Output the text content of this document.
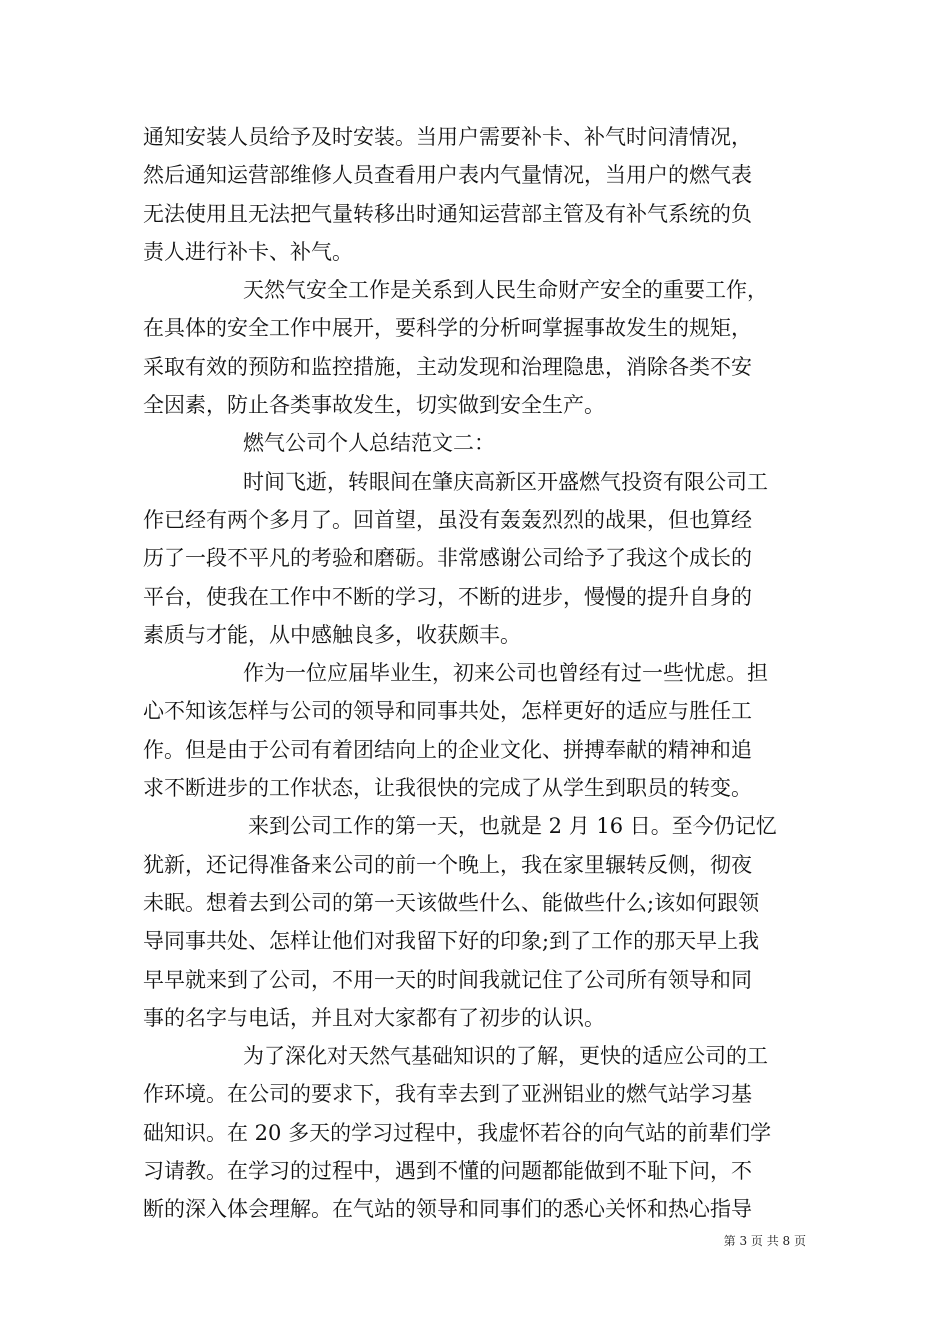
通知安装人员给予及时安装。当用户需要补卡、补气时问清情况，
然后通知运营部维修人员查看用户表内气量情况，当用户的燃气表
无法使用且无法把气量转移出时通知运营部主管及有补气系统的负
责人进行补卡、补气。
天然气安全工作是关系到人民生命财产安全的重要工作，
在具体的安全工作中展开，要科学的分析呵掌握事故发生的规矩，
采取有效的预防和监控措施，主动发现和治理隐患，消除各类不安
全因素，防止各类事故发生，切实做到安全生产。
燃气公司个人总结范文二：
时间飞逝，转眼间在肇庆高新区开盛燃气投资有限公司工
作已经有两个多月了。回首望，虽没有轰轰烈烈的战果，但也算经
历了一段不平凡的考验和磨砺。非常感谢公司给予了我这个成长的
平台，使我在工作中不断的学习，不断的进步，慢慢的提升自身的
素质与才能，从中感触良多，收获颇丰。
作为一位应届毕业生，初来公司也曾经有过一些忧虑。担
心不知该怎样与公司的领导和同事共处，怎样更好的适应与胜任工
作。但是由于公司有着团结向上的企业文化、拼搏奉献的精神和追
求不断进步的工作状态，让我很快的完成了从学生到职员的转变。
来到公司工作的第一天，也就是 2 月 16 日。至今仍记忆
犹新，还记得准备来公司的前一个晚上，我在家里辗转反侧，彻夜
未眠。想着去到公司的第一天该做些什么、能做些什么;该如何跟领
导同事共处、怎样让他们对我留下好的印象;到了工作的那天早上我
早早就来到了公司，不用一天的时间我就记住了公司所有领导和同
事的名字与电话，并且对大家都有了初步的认识。
为了深化对天然气基础知识的了解，更快的适应公司的工
作环境。在公司的要求下，我有幸去到了亚洲铝业的燃气站学习基
础知识。在 20 多天的学习过程中，我虚怀若谷的向气站的前辈们学
习请教。在学习的过程中，遇到不懂的问题都能做到不耻下问，不
断的深入体会理解。在气站的领导和同事们的悉心关怀和热心指导
第 3 页 共 8 页
